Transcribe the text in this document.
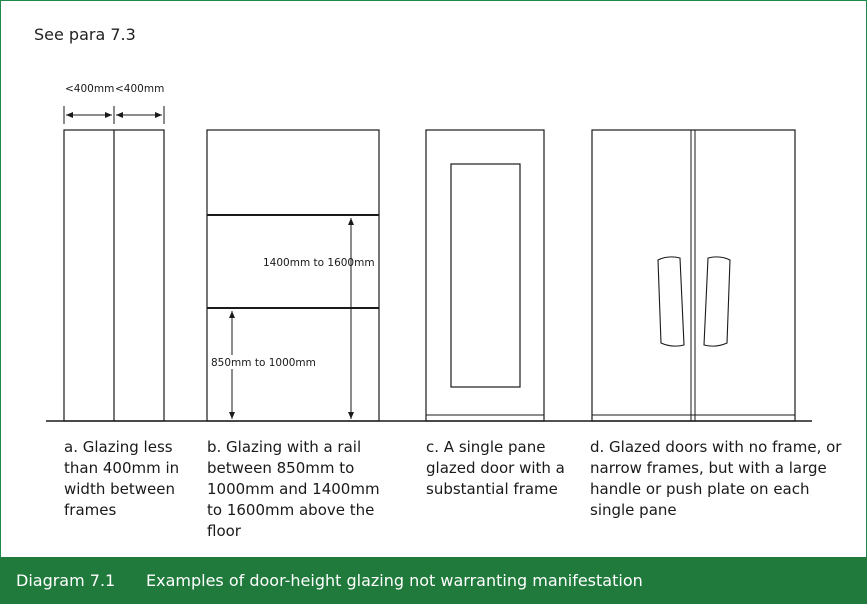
See para 7.3
<400mm <400mm
1400mm to 1600mm
850mm to 1000mm
a. Glazing less than 400mm in width between frames
b. Glazing with a rail between 850mm to 1000mm and 1400mm to 1600mm above the floor
c. A single pane glazed door with a substantial frame
d. Glazed doors with no frame, or narrow frames, but with a large handle or push plate on each single pane
Diagram 7.1 Examples of door-height glazing not warranting manifestation
